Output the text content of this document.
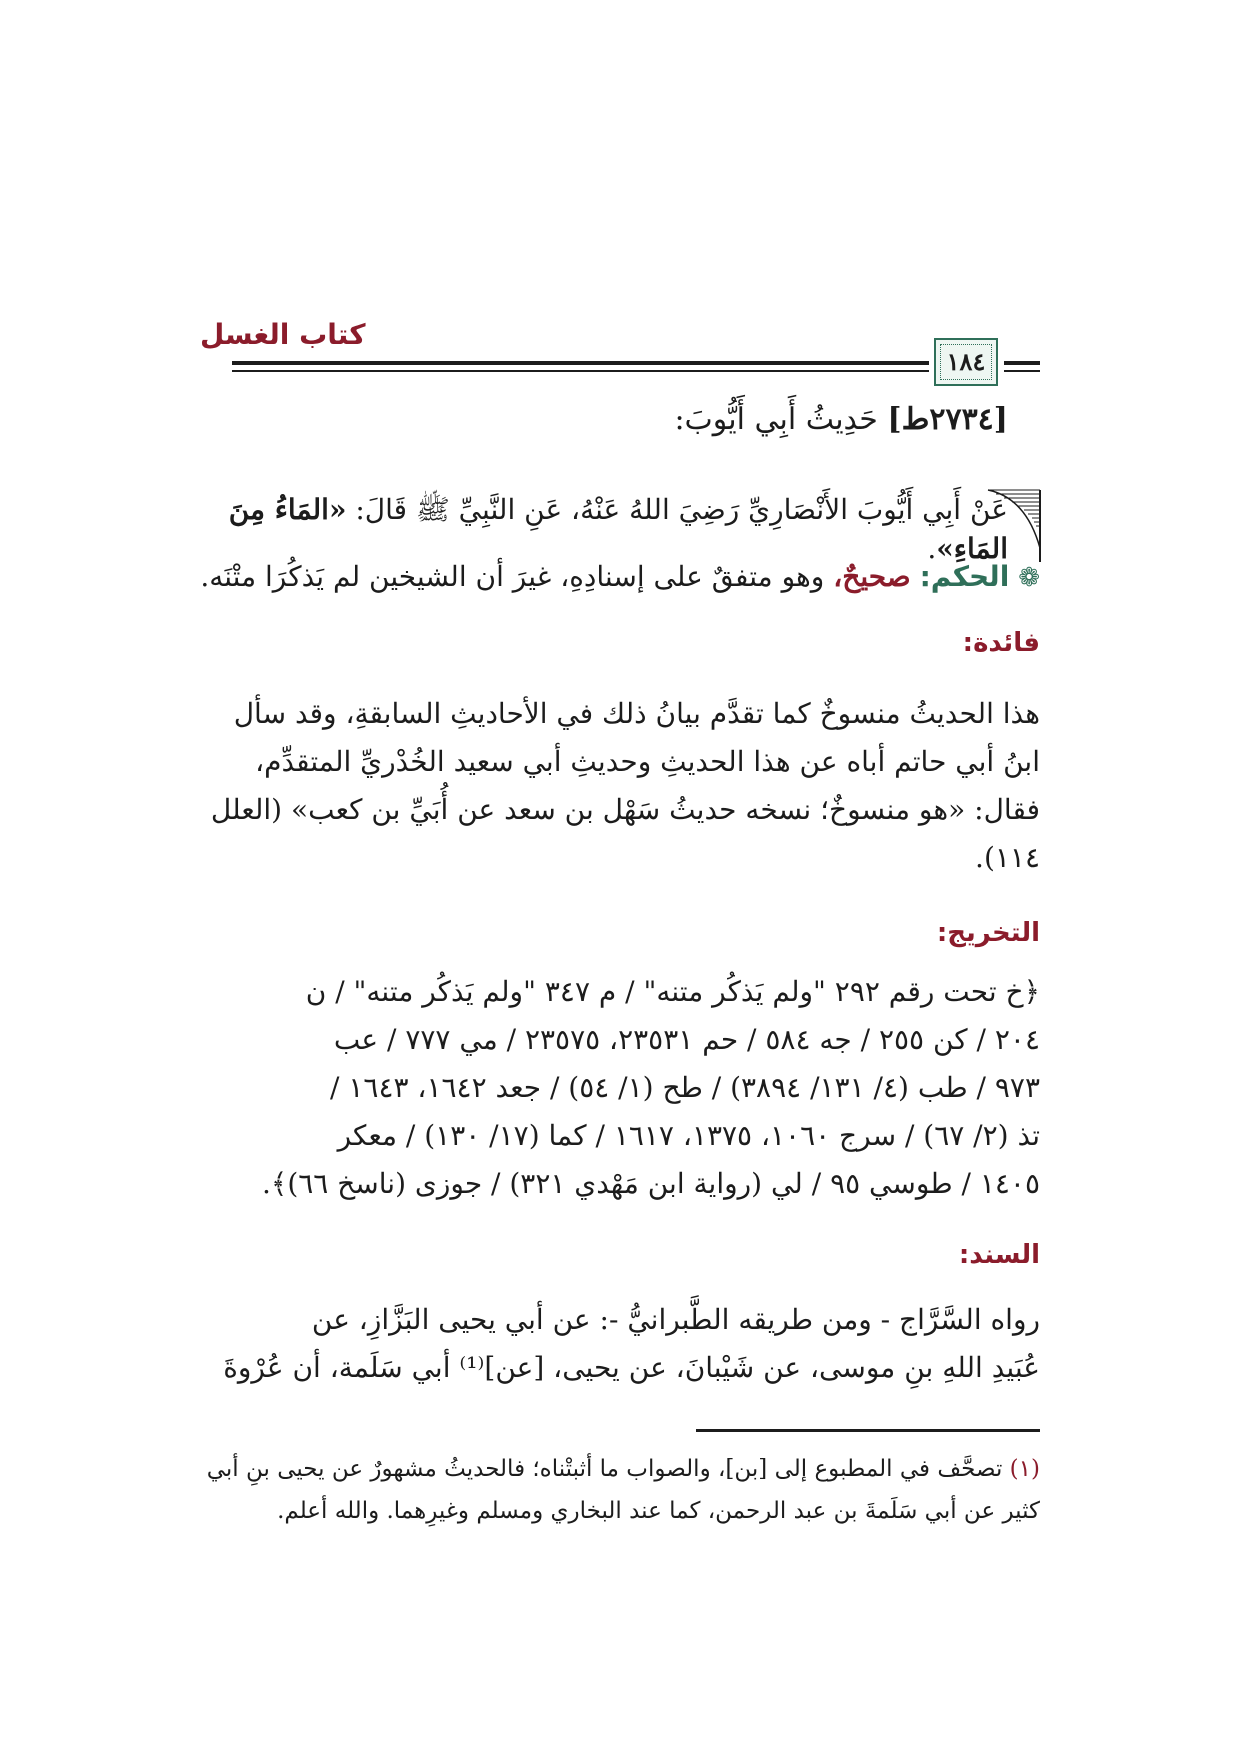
كتاب الغسل
١٨٤
[٢٧٣٤ط] حَدِيثُ أَبِي أَيُّوبَ:
عَنْ أَبِي أَيُّوبَ الأَنْصَارِيِّ رَضِيَ اللهُ عَنْهُ، عَنِ النَّبِيِّ ﷺ قَالَ: «المَاءُ مِنَ المَاءِ».
❁ الحكم: صحيحٌ، وهو متفقٌ على إسنادِهِ، غيرَ أن الشيخين لم يَذكُرَا متْنَه.
فائدة:
هذا الحديثُ منسوخٌ كما تقدَّم بيانُ ذلك في الأحاديثِ السابقةِ، وقد سأل
ابنُ أبي حاتم أباه عن هذا الحديثِ وحديثِ أبي سعيد الخُدْريِّ المتقدِّم،
فقال: «هو منسوخٌ؛ نسخه حديثُ سَهْل بن سعد عن أُبَيِّ بن كعب» (العلل
١١٤).
التخريج:
﴿خ تحت رقم ٢٩٢ "ولم يَذكُر متنه" / م ٣٤٧ "ولم يَذكُر متنه" / ن
٢٠٤ / كن ٢٥٥ / جه ٥٨٤ / حم ٢٣٥٣١، ٢٣٥٧٥ / مي ٧٧٧ / عب
٩٧٣ / طب (٤/ ١٣١/ ٣٨٩٤) / طح (١/ ٥٤) / جعد ١٦٤٢، ١٦٤٣ /
تذ (٢/ ٦٧) / سرج ١٠٦٠، ١٣٧٥، ١٦١٧ / كما (١٧/ ١٣٠) / معكر
١٤٠٥ / طوسي ٩٥ / لي (رواية ابن مَهْدي ٣٢١) / جوزى (ناسخ ٦٦)﴾.
السند:
رواه السَّرَّاج - ومن طريقه الطَّبرانيُّ -: عن أبي يحيى البَزَّازِ، عن
عُبَيدِ اللهِ بنِ موسى، عن شَيْبانَ، عن يحيى، [عن]⁽¹⁾ أبي سَلَمة، أن عُرْوةَ
(١) تصحَّف في المطبوع إلى [بن]، والصواب ما أثبتْناه؛ فالحديثُ مشهورٌ عن يحيى بنِ أبي كثير عن أبي سَلَمةَ بن عبد الرحمن، كما عند البخاري ومسلم وغيرِهما. والله أعلم.
